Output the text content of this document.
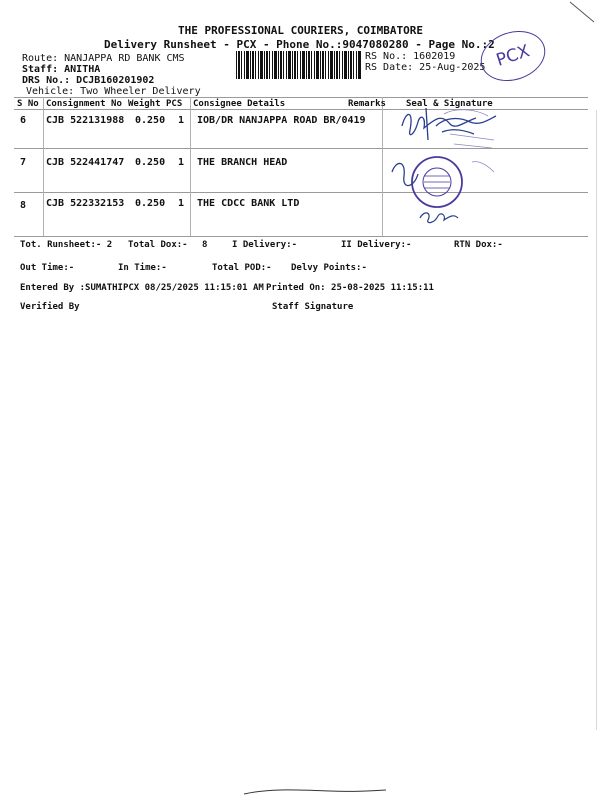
THE PROFESSIONAL COURIERS, COIMBATORE
Delivery Runsheet - PCX - Phone No.:9047080280 - Page No.:2
Route: NANJAPPA RD BANK CMS
Staff: ANITHA
DRS No.: DCJB160201902
Vehicle: Two Wheeler Delivery
RS No.: 1602019
RS Date: 25-Aug-2025 PCX
S No Consignment No Weight PCS Consignee Details	Remarks Seal & Signature
6 CJB 522131988 0.250 1 IOB/DR NANJAPPA ROAD BR/0419
7 CJB 522441747 0.250 1 THE BRANCH HEAD
8 CJB 522332153 0.250 1 THE CDCC BANK LTD
Tot. Runsheet:- 2 Total Dox:- 8	I Delivery:-	II Delivery:-	RTN Dox:-
Out Time:-	In Time:-	Total POD:- Delvy Points:-
Entered By :SUMATHIPCX 08/25/2025 11:15:01 AM Printed On: 25-08-2025 11:15:11
Verified By	Staff Signature
